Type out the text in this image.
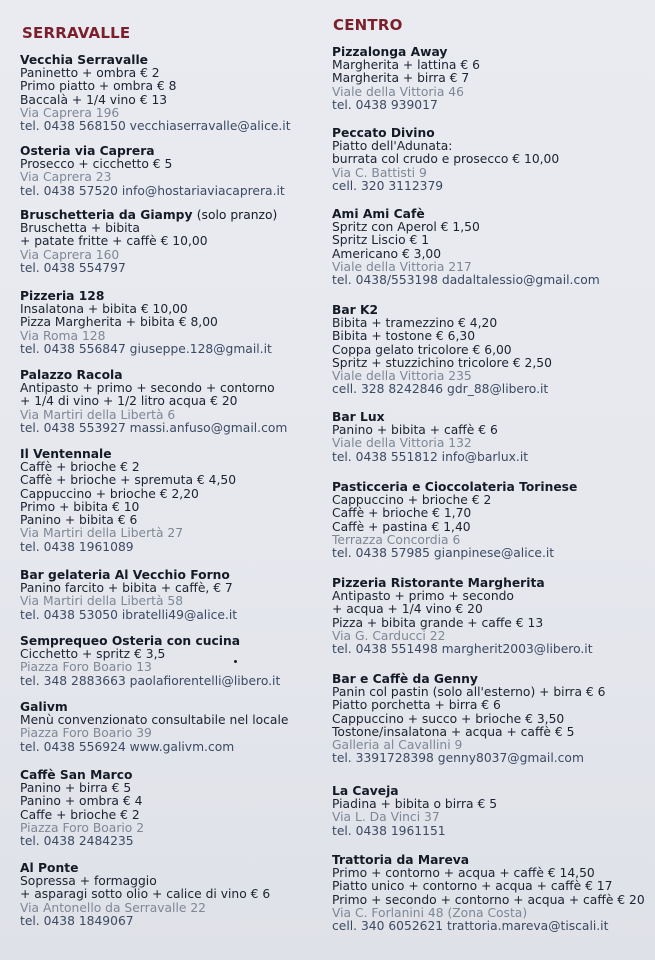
SERRAVALLE
Vecchia Serravalle
Paninetto + ombra € 2
Primo piatto + ombra € 8
Baccalà + 1/4 vino € 13
Via Caprera 196
tel. 0438 568150 vecchiaserravalle@alice.it
Osteria via Caprera
Prosecco + cicchetto € 5
Via Caprera 23
tel. 0438 57520 info@hostariaviacaprera.it
Bruschetteria da Giampy (solo pranzo)
Bruschetta + bibita
+ patate fritte + caffè € 10,00
Via Caprera 160
tel. 0438 554797
Pizzeria 128
Insalatona + bibita € 10,00
Pizza Margherita + bibita € 8,00
Via Roma 128
tel. 0438 556847 giuseppe.128@gmail.it
Palazzo Racola
Antipasto + primo + secondo + contorno
+ 1/4 di vino + 1/2 litro acqua € 20
Via Martiri della Libertà 6
tel. 0438 553927 massi.anfuso@gmail.com
Il Ventennale
Caffè + brioche € 2
Caffè + brioche + spremuta € 4,50
Cappuccino + brioche € 2,20
Primo + bibita € 10
Panino + bibita € 6
Via Martiri della Libertà 27
tel. 0438 1961089
Bar gelateria Al Vecchio Forno
Panino farcito + bibita + caffè, € 7
Via Martiri della Libertà 58
tel. 0438 53050 ibratelli49@alice.it
Semprequeo Osteria con cucina
Cicchetto + spritz € 3,5
Piazza Foro Boario 13
tel. 348 2883663 paolafiorentelli@libero.it
Galivm
Menù convenzionato consultabile nel locale
Piazza Foro Boario 39
tel. 0438 556924 www.galivm.com
Caffè San Marco
Panino + birra € 5
Panino + ombra € 4
Caffe + brioche € 2
Piazza Foro Boario 2
tel. 0438 2484235
Al Ponte
Sopressa + formaggio
+ asparagi sotto olio + calice di vino € 6
Via Antonello da Serravalle 22
tel. 0438 1849067
CENTRO
Pizzalonga Away
Margherita + lattina € 6
Margherita + birra € 7
Viale della Vittoria 46
tel. 0438 939017
Peccato Divino
Piatto dell'Adunata:
burrata col crudo e prosecco € 10,00
Via C. Battisti 9
cell. 320 3112379
Ami Ami Cafè
Spritz con Aperol € 1,50
Spritz Liscio € 1
Americano € 3,00
Viale della Vittoria 217
tel. 0438/553198 dadaltalessio@gmail.com
Bar K2
Bibita + tramezzino € 4,20
Bibita + tostone € 6,30
Coppa gelato tricolore € 6,00
Spritz + stuzzichino tricolore € 2,50
Viale della Vittoria 235
cell. 328 8242846 gdr_88@libero.it
Bar Lux
Panino + bibita + caffè € 6
Viale della Vittoria 132
tel. 0438 551812 info@barlux.it
Pasticceria e Cioccolateria Torinese
Cappuccino + brioche € 2
Caffè + brioche € 1,70
Caffè + pastina € 1,40
Terrazza Concordia 6
tel. 0438 57985 gianpinese@alice.it
Pizzeria Ristorante Margherita
Antipasto + primo + secondo
+ acqua + 1/4 vino € 20
Pizza + bibita grande + caffe € 13
Via G. Carducci 22
tel. 0438 551498 margherit2003@libero.it
Bar e Caffè da Genny
Panin col pastin (solo all'esterno) + birra € 6
Piatto porchetta + birra € 6
Cappuccino + succo + brioche € 3,50
Tostone/insalatona + acqua + caffè € 5
Galleria al Cavallini 9
tel. 3391728398 genny8037@gmail.com
La Caveja
Piadina + bibita o birra € 5
Via L. Da Vinci 37
tel. 0438 1961151
Trattoria da Mareva
Primo + contorno + acqua + caffè € 14,50
Piatto unico + contorno + acqua + caffè € 17
Primo + secondo + contorno + acqua + caffè € 20
Via C. Forlanini 48 (Zona Costa)
cell. 340 6052621 trattoria.mareva@tiscali.it
